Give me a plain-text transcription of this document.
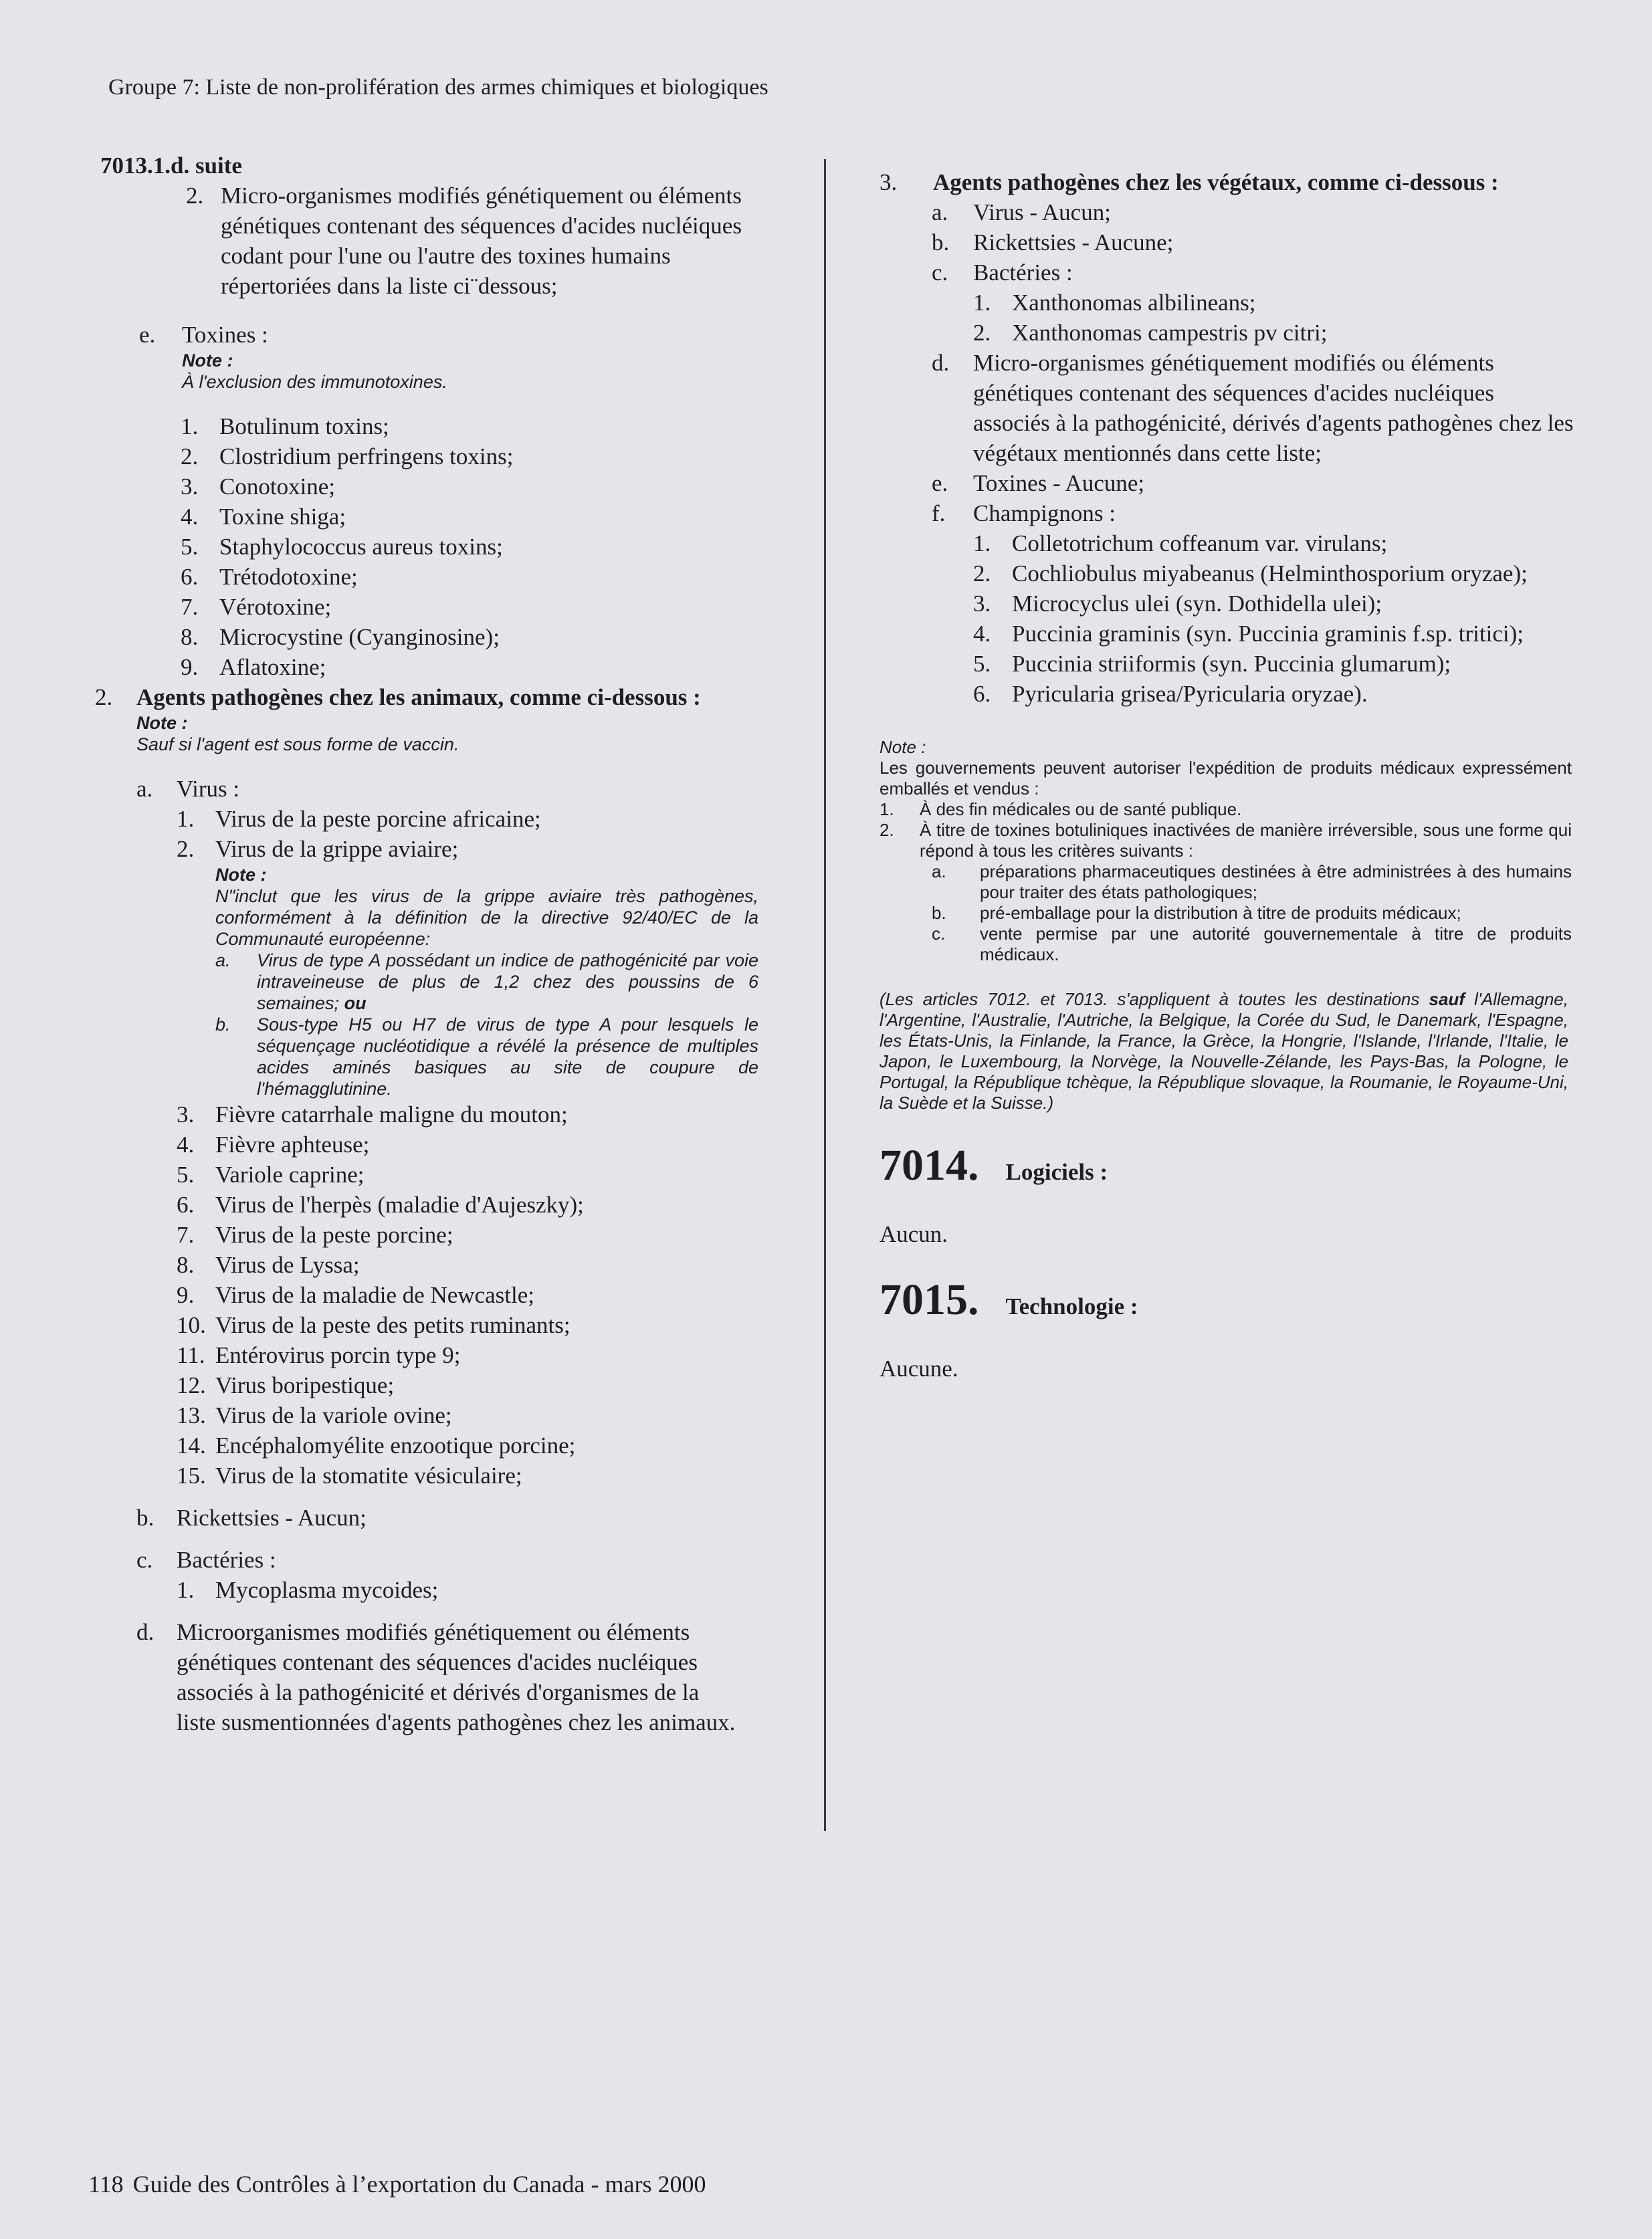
Groupe 7: Liste de non-prolifération des armes chimiques et biologiques
7013.1.d. suite
2. Micro-organismes modifiés génétiquement ou éléments génétiques contenant des séquences d'acides nucléiques codant pour l'une ou l'autre des toxines humains répertoriées dans la liste ci¨dessous;
e.	Toxines :
Note :
À l'exclusion des immunotoxines.
1. Botulinum toxins;
2. Clostridium perfringens toxins;
3. Conotoxine;
4. Toxine shiga;
5. Staphylococcus aureus toxins;
6. Trétodotoxine;
7. Vérotoxine;
8. Microcystine (Cyanginosine);
9. Aflatoxine;
2.	Agents pathogènes chez les animaux, comme ci-dessous :
Note :
Sauf si l'agent est sous forme de vaccin.
a.	Virus :
1. Virus de la peste porcine africaine;
2. Virus de la grippe aviaire;
Note :
N"inclut que les virus de la grippe aviaire très pathogènes, conformément à la définition de la directive 92/40/EC de la Communauté européenne:
a.	Virus de type A possédant un indice de pathogénicité par voie intraveineuse de plus de 1,2 chez des poussins de 6 semaines; ou
b.	Sous-type H5 ou H7 de virus de type A pour lesquels le séquençage nucléotidique a révélé la présence de multiples acides aminés basiques au site de coupure de l'hémagglutinine.
3. Fièvre catarrhale maligne du mouton;
4. Fièvre aphteuse;
5. Variole caprine;
6. Virus de l'herpès (maladie d'Aujeszky);
7. Virus de la peste porcine;
8. Virus de Lyssa;
9. Virus de la maladie de Newcastle;
10. Virus de la peste des petits ruminants;
11. Entérovirus porcin type 9;
12. Virus boripestique;
13. Virus de la variole ovine;
14. Encéphalomyélite enzootique porcine;
15. Virus de la stomatite vésiculaire;
b. Rickettsies - Aucun;
c.	Bactéries :
1. Mycoplasma mycoides;
d. Microorganismes modifiés génétiquement ou éléments génétiques contenant des séquences d'acides nucléiques associés à la pathogénicité et dérivés d'organismes de la liste susmentionnées d'agents pathogènes chez les animaux.
3.	Agents pathogènes chez les végétaux, comme ci-dessous :
a.	Virus - Aucun;
b.	Rickettsies - Aucune;
c.	Bactéries :
1. Xanthonomas albilineans;
2. Xanthonomas campestris pv citri;
d.	Micro-organismes génétiquement modifiés ou éléments génétiques contenant des séquences d'acides nucléiques associés à la pathogénicité, dérivés d'agents pathogènes chez les végétaux mentionnés dans cette liste;
e.	Toxines - Aucune;
f.	Champignons :
1. Colletotrichum coffeanum var. virulans;
2. Cochliobulus miyabeanus (Helminthosporium oryzae);
3. Microcyclus ulei (syn. Dothidella ulei);
4. Puccinia graminis (syn. Puccinia graminis f.sp. tritici);
5. Puccinia striiformis (syn. Puccinia glumarum);
6. Pyricularia grisea/Pyricularia oryzae).
Note :
Les gouvernements peuvent autoriser l'expédition de produits médicaux expressément emballés et vendus :
1.	À des fin médicales ou de santé publique.
2.	À titre de toxines botuliniques inactivées de manière irréversible, sous une forme qui répond à tous les critères suivants :
a.	préparations pharmaceutiques destinées à être administrées à des humains pour traiter des états pathologiques;
b.	pré-emballage pour la distribution à titre de produits médicaux;
c.	vente permise par une autorité gouvernementale à titre de produits médicaux.
(Les articles 7012. et 7013. s'appliquent à toutes les destinations sauf l'Allemagne, l'Argentine, l'Australie, l'Autriche, la Belgique, la Corée du Sud, le Danemark, l'Espagne, les États-Unis, la Finlande, la France, la Grèce, la Hongrie, l'Islande, l'Irlande, l'Italie, le Japon, le Luxembourg, la Norvège, la Nouvelle-Zélande, les Pays-Bas, la Pologne, le Portugal, la République tchèque, la République slovaque, la Roumanie, le Royaume-Uni, la Suède et la Suisse.)
7014. Logiciels :
Aucun.
7015. Technologie :
Aucune.
118 Guide des Contrôles à l’exportation du Canada - mars 2000
